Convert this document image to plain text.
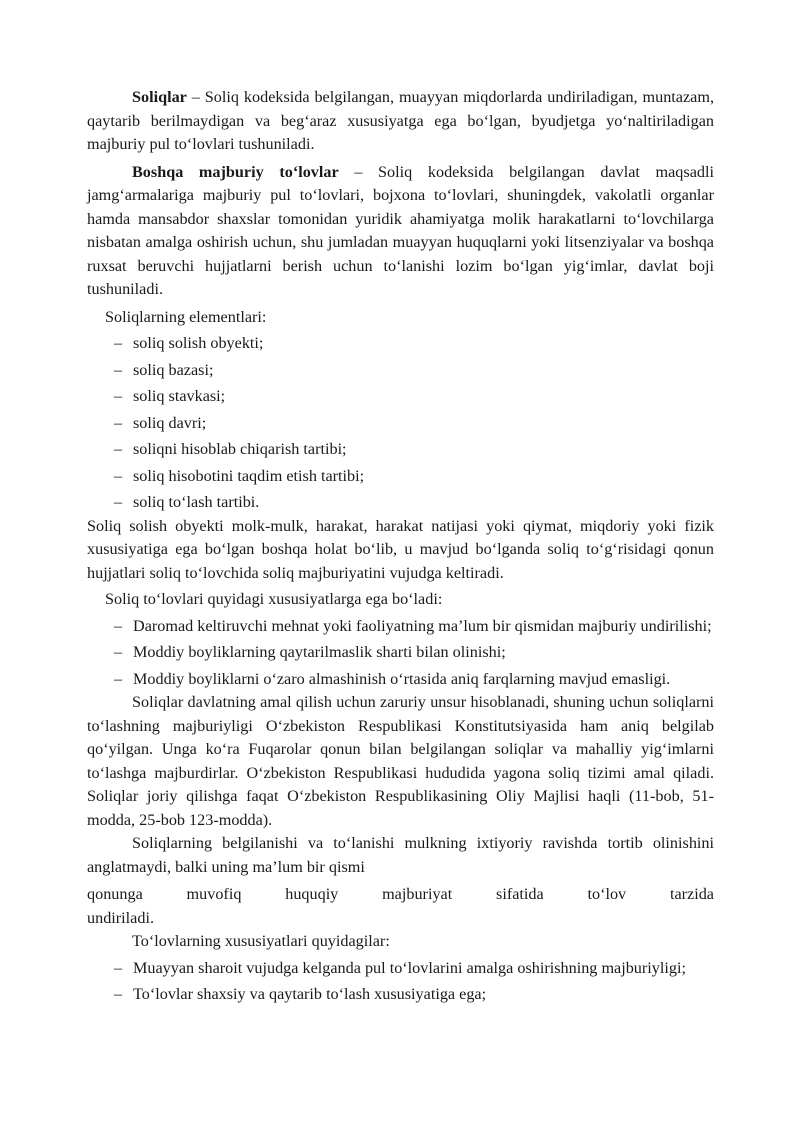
Soliqlar – Soliq kodeksida belgilangan, muayyan miqdorlarda undiriladigan, muntazam, qaytarib berilmaydigan va beg‘araz xususiyatga ega bo‘lgan, byudjetga yo‘naltiriladigan majburiy pul to‘lovlari tushuniladi.

Boshqa majburiy to‘lovlar – Soliq kodeksida belgilangan davlat maqsadli jamg‘armalariga majburiy pul to‘lovlari, bojxona to‘lovlari, shuningdek, vakolatli organlar hamda mansabdor shaxslar tomonidan yuridik ahamiyatga molik harakatlarni to‘lovchilarga nisbatan amalga oshirish uchun, shu jumladan muayyan huquqlarni yoki litsenziyalar va boshqa ruxsat beruvchi hujjatlarni berish uchun to‘lanishi lozim bo‘lgan yig‘imlar, davlat boji tushuniladi.

Soliqlarning elementlari:

– soliq solish obyekti;
– soliq bazasi;
– soliq stavkasi;
– soliq davri;
– soliqni hisoblab chiqarish tartibi;
– soliq hisobotini taqdim etish tartibi;
– soliq to‘lash tartibi.

Soliq solish obyekti molk-mulk, harakat, harakat natijasi yoki qiymat, miqdoriy yoki fizik xususiyatiga ega bo‘lgan boshqa holat bo‘lib, u mavjud bo‘lganda soliq to‘g‘risidagi qonun hujjatlari soliq to‘lovchida soliq majburiyatini vujudga keltiradi.

Soliq to‘lovlari quyidagi xususiyatlarga ega bo‘ladi:

– Daromad keltiruvchi mehnat yoki faoliyatning ma’lum bir qismidan majburiy undirilishi;

– Moddiy boyliklarning qaytarilmaslik sharti bilan olinishi;

– Moddiy boyliklarni o‘zaro almashinish o‘rtasida aniq farqlarning mavjud emasligi.

Soliqlar davlatning amal qilish uchun zaruriy unsur hisoblanadi, shuning uchun soliqlarni to‘lashning majburiyligi O‘zbekiston Respublikasi Konstitutsiyasida ham aniq belgilab qo‘yilgan. Unga ko‘ra Fuqarolar qonun bilan belgilangan soliqlar va mahalliy yig‘imlarni to‘lashga majburdirlar. O‘zbekiston Respublikasi hududida yagona soliq tizimi amal qiladi. Soliqlar joriy qilishga faqat O‘zbekiston Respublikasining Oliy Majlisi haqli (11-bob, 51-modda, 25-bob 123-modda).

Soliqlarning belgilanishi va to‘lanishi mulkning ixtiyoriy ravishda tortib olinishini anglatmaydi, balki uning ma’lum bir qismi

qonunga muvofiq huquqiy majburiyat sifatida to‘lov tarzida

undiriladi.

To‘lovlarning xususiyatlari quyidagilar:

– Muayyan sharoit vujudga kelganda pul to‘lovlarini amalga oshirishning majburiyligi;

– To‘lovlar shaxsiy va qaytarib to‘lash xususiyatiga ega;
